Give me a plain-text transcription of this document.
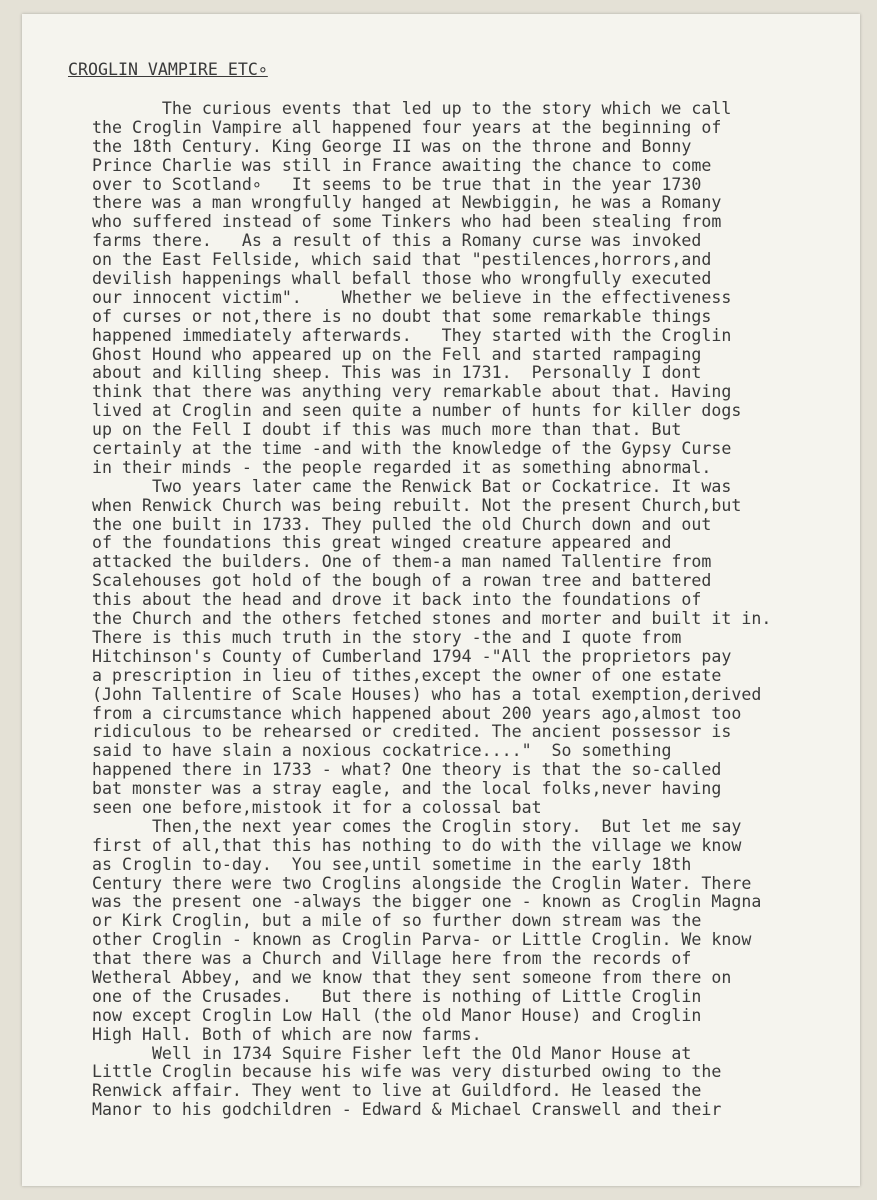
CROGLIN VAMPIRE ETC∘
The curious events that led up to the story which we call
the Croglin Vampire all happened four years at the beginning of
the 18th Century. King George II was on the throne and Bonny
Prince Charlie was still in France awaiting the chance to come
over to Scotland∘   It seems to be true that in the year 1730
there was a man wrongfully hanged at Newbiggin, he was a Romany
who suffered instead of some Tinkers who had been stealing from
farms there.   As a result of this a Romany curse was invoked
on the East Fellside, which said that "pestilences,horrors,and
devilish happenings whall befall those who wrongfully executed
our innocent victim".    Whether we believe in the effectiveness
of curses or not,there is no doubt that some remarkable things
happened immediately afterwards.   They started with the Croglin
Ghost Hound who appeared up on the Fell and started rampaging
about and killing sheep. This was in 1731.  Personally I dont
think that there was anything very remarkable about that. Having
lived at Croglin and seen quite a number of hunts for killer dogs
up on the Fell I doubt if this was much more than that. But
certainly at the time -and with the knowledge of the Gypsy Curse
in their minds - the people regarded it as something abnormal.
Two years later came the Renwick Bat or Cockatrice. It was
when Renwick Church was being rebuilt. Not the present Church,but
the one built in 1733. They pulled the old Church down and out
of the foundations this great winged creature appeared and
attacked the builders. One of them-a man named Tallentire from
Scalehouses got hold of the bough of a rowan tree and battered
this about the head and drove it back into the foundations of
the Church and the others fetched stones and morter and built it in.
There is this much truth in the story -the and I quote from
Hitchinson's County of Cumberland 1794 -"All the proprietors pay
a prescription in lieu of tithes,except the owner of one estate
(John Tallentire of Scale Houses) who has a total exemption,derived
from a circumstance which happened about 200 years ago,almost too
ridiculous to be rehearsed or credited. The ancient possessor is
said to have slain a noxious cockatrice...."  So something
happened there in 1733 - what? One theory is that the so-called
bat monster was a stray eagle, and the local folks,never having
seen one before,mistook it for a colossal bat
Then,the next year comes the Croglin story.  But let me say
first of all,that this has nothing to do with the village we know
as Croglin to-day.  You see,until sometime in the early 18th
Century there were two Croglins alongside the Croglin Water. There
was the present one -always the bigger one - known as Croglin Magna
or Kirk Croglin, but a mile of so further down stream was the
other Croglin - known as Croglin Parva- or Little Croglin. We know
that there was a Church and Village here from the records of
Wetheral Abbey, and we know that they sent someone from there on
one of the Crusades.   But there is nothing of Little Croglin
now except Croglin Low Hall (the old Manor House) and Croglin
High Hall. Both of which are now farms.
Well in 1734 Squire Fisher left the Old Manor House at
Little Croglin because his wife was very disturbed owing to the
Renwick affair. They went to live at Guildford. He leased the
Manor to his godchildren - Edward & Michael Cranswell and their
